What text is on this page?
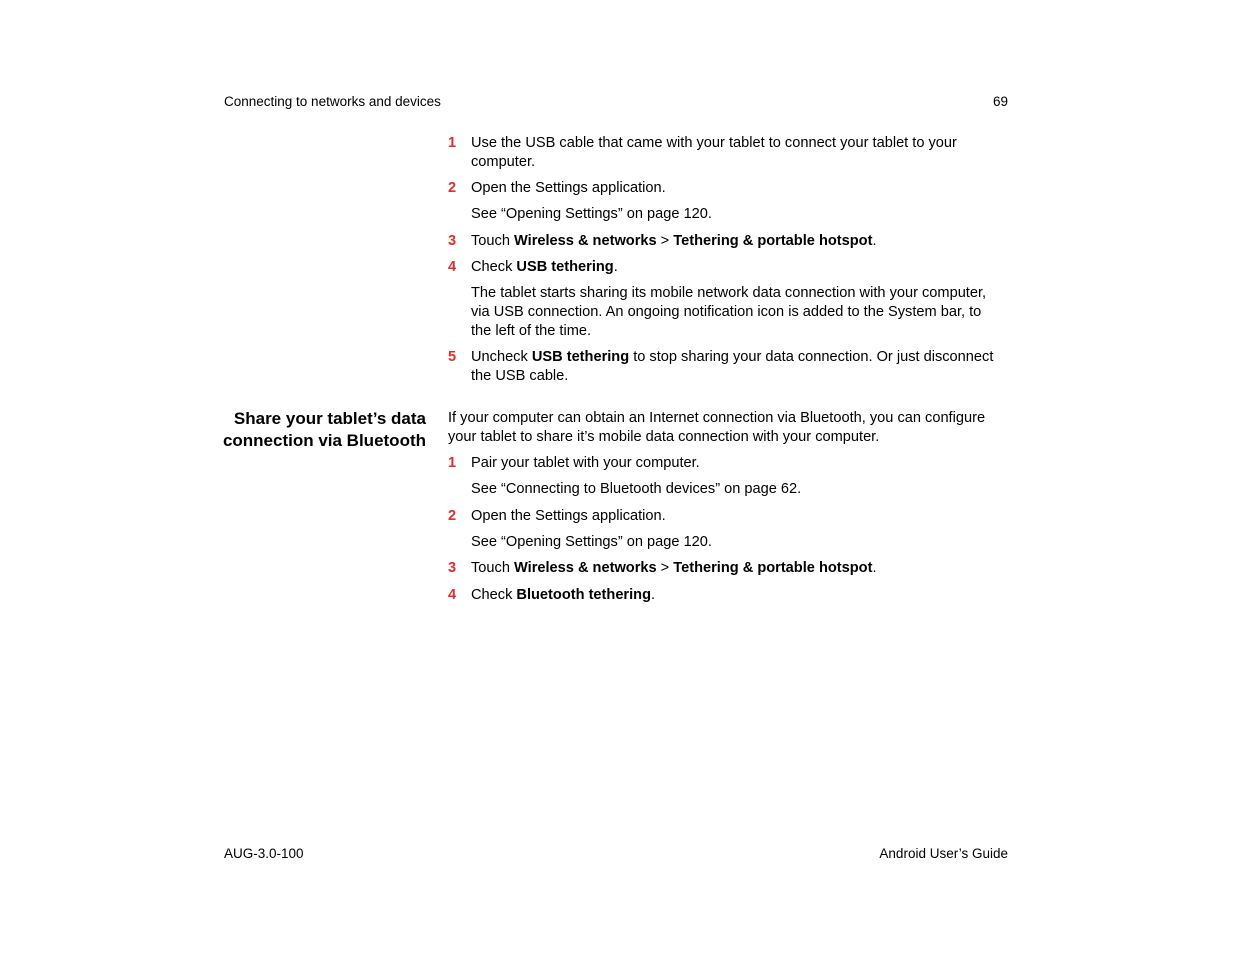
Connecting to networks and devices	69

1 Use the USB cable that came with your tablet to connect your tablet to your computer.

2 Open the Settings application.

See “Opening Settings” on page 120.

3 Touch Wireless & networks > Tethering & portable hotspot.

4 Check USB tethering.

The tablet starts sharing its mobile network data connection with your computer, via USB connection. An ongoing notification icon is added to the System bar, to the left of the time.

5 Uncheck USB tethering to stop sharing your data connection. Or just disconnect the USB cable.

Share your tablet’s data connection via Bluetooth

If your computer can obtain an Internet connection via Bluetooth, you can configure your tablet to share it’s mobile data connection with your computer.

1 Pair your tablet with your computer.

See “Connecting to Bluetooth devices” on page 62.

2 Open the Settings application.

See “Opening Settings” on page 120.

3 Touch Wireless & networks > Tethering & portable hotspot.

4 Check Bluetooth tethering.

AUG-3.0-100	Android User’s Guide
